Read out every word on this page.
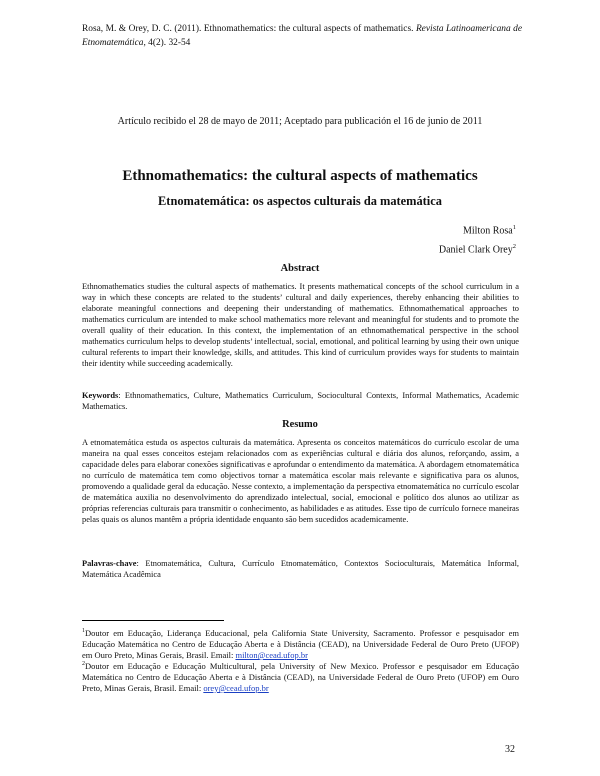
Rosa, M. & Orey, D. C. (2011). Ethnomathematics: the cultural aspects of mathematics. Revista Latinoamericana de Etnomatemática, 4(2). 32-54
Artículo recibido el 28 de mayo de 2011; Aceptado para publicación el 16 de junio de 2011
Ethnomathematics: the cultural aspects of mathematics
Etnomatemática: os aspectos culturais da matemática
Milton Rosa$^1$
Daniel Clark Orey$^2$
Abstract
Ethnomathematics studies the cultural aspects of mathematics. It presents mathematical concepts of the school curriculum in a way in which these concepts are related to the students’ cultural and daily experiences, thereby enhancing their abilities to elaborate meaningful connections and deepening their understanding of mathematics. Ethnomathematical approaches to mathematics curriculum are intended to make school mathematics more relevant and meaningful for students and to promote the overall quality of their education. In this context, the implementation of an ethnomathematical perspective in the school mathematics curriculum helps to develop students’ intellectual, social, emotional, and political learning by using their own unique cultural referents to impart their knowledge, skills, and attitudes. This kind of curriculum provides ways for students to maintain their identity while succeeding academically.
Keywords: Ethnomathematics, Culture, Mathematics Curriculum, Sociocultural Contexts, Informal Mathematics, Academic Mathematics.
Resumo
A etnomatemática estuda os aspectos culturais da matemática. Apresenta os conceitos matemáticos do currículo escolar de uma maneira na qual esses conceitos estejam relacionados com as experiências cultural e diária dos alunos, reforçando, assim, a capacidade deles para elaborar conexões significativas e aprofundar o entendimento da matemática. A abordagem etnomatemática no currículo de matemática tem como objectivos tornar a matemática escolar mais relevante e significativa para os alunos, promovendo a qualidade geral da educação. Nesse contexto, a implementação da perspectiva etnomatemática no currículo escolar de matemática auxilia no desenvolvimento do aprendizado intelectual, social, emocional e político dos alunos ao utilizar as próprias referencias culturais para transmitir o conhecimento, as habilidades e as atitudes. Esse tipo de currículo fornece maneiras pelas quais os alunos mantêm a própria identidade enquanto são bem sucedidos academicamente.
Palavras-chave: Etnomatemática, Cultura, Currículo Etnomatemático, Contextos Socioculturais, Matemática Informal, Matemática Acadêmica
$^1$Doutor em Educação, Liderança Educacional, pela California State University, Sacramento. Professor e pesquisador em Educação Matemática no Centro de Educação Aberta e à Distância (CEAD), na Universidade Federal de Ouro Preto (UFOP) em Ouro Preto, Minas Gerais, Brasil. Email: milton@cead.ufop.br
$^2$Doutor em Educação e Educação Multicultural, pela University of New Mexico. Professor e pesquisador em Educação Matemática no Centro de Educação Aberta e à Distância (CEAD), na Universidade Federal de Ouro Preto (UFOP) em Ouro Preto, Minas Gerais, Brasil. Email: orey@cead.ufop.br
32
